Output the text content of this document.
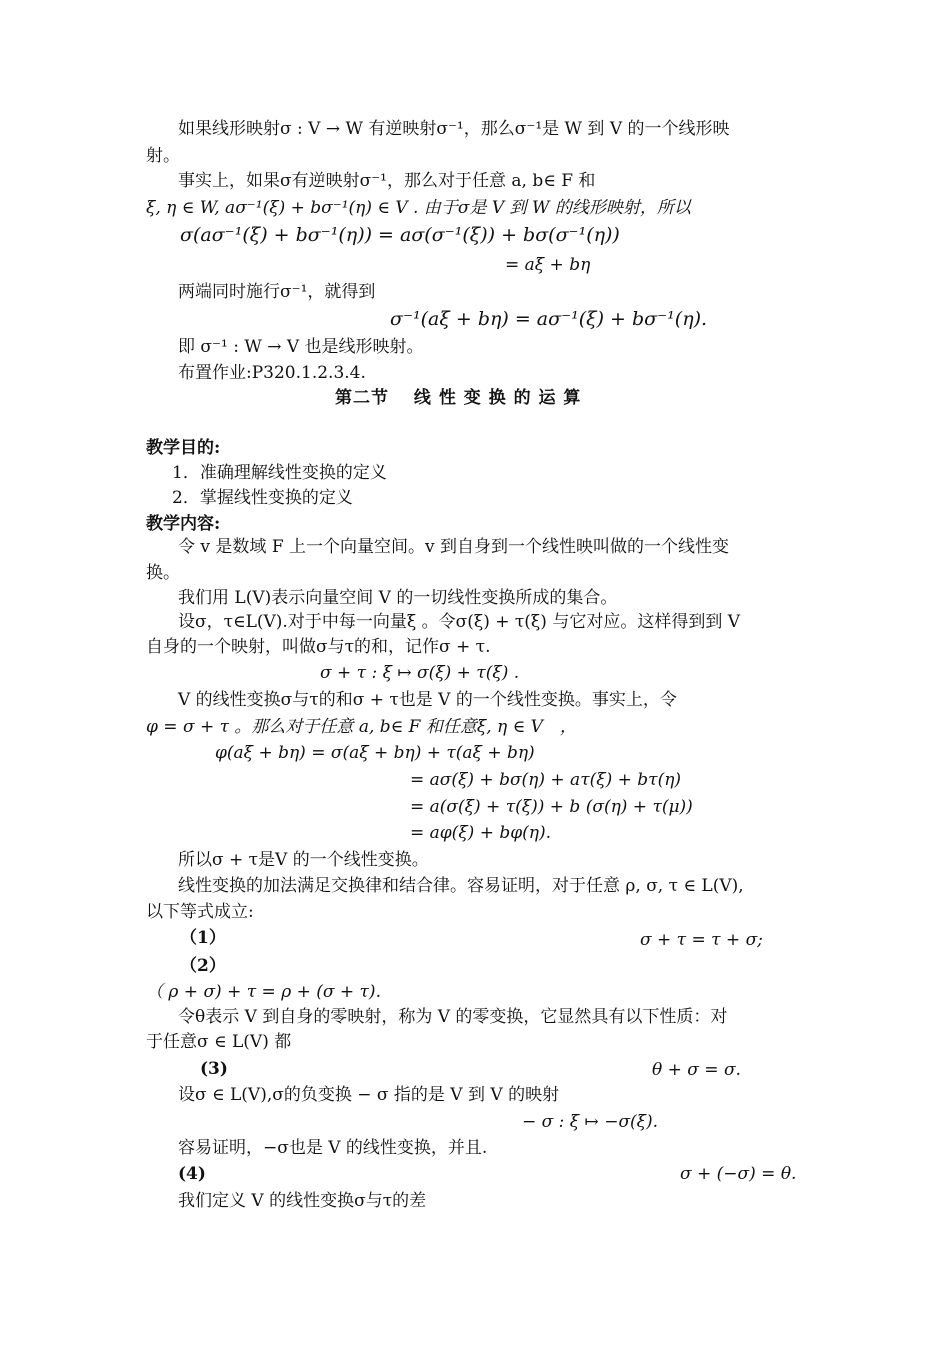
如果线形映射σ : V → W 有逆映射σ⁻¹，那么σ⁻¹是 W 到 V 的一个线形映
射。
事实上，如果σ有逆映射σ⁻¹，那么对于任意 a, b∈ F 和
ξ, η ∈ W, aσ⁻¹(ξ) + bσ⁻¹(η) ∈ V . 由于σ是 V 到 W 的线形映射，所以
σ(aσ⁻¹(ξ) + bσ⁻¹(η)) = aσ(σ⁻¹(ξ)) + bσ(σ⁻¹(η))
= aξ + bη
两端同时施行σ⁻¹，就得到
σ⁻¹(aξ + bη) = aσ⁻¹(ξ) + bσ⁻¹(η).
即 σ⁻¹ : W → V 也是线形映射。
布置作业:P320.1.2.3.4.
第二节　 线 性 变 换 的 运 算
教学目的:
1．准确理解线性变换的定义
2．掌握线性变换的定义
教学内容:
令 v 是数域 F 上一个向量空间。v 到自身到一个线性映叫做的一个线性变
换。
我们用 L(V)表示向量空间 V 的一切线性变换所成的集合。
设σ，τ∈L(V).对于中每一向量ξ 。令σ(ξ) + τ(ξ) 与它对应。这样得到到 V
自身的一个映射，叫做σ与τ的和，记作σ + τ.
σ + τ : ξ ↦ σ(ξ) + τ(ξ) .
V 的线性变换σ与τ的和σ + τ也是 V 的一个线性变换。事实上，令
φ = σ + τ 。那么对于任意 a, b∈ F 和任意ξ, η ∈ V　，
φ(aξ + bη) = σ(aξ + bη) + τ(aξ + bη)
= aσ(ξ) + bσ(η) + aτ(ξ) + bτ(η)
= a(σ(ξ) + τ(ξ)) + b (σ(η) + τ(μ))
= aφ(ξ) + bφ(η).
所以σ + τ是V 的一个线性变换。
线性变换的加法满足交换律和结合律。容易证明，对于任意 ρ, σ, τ ∈ L(V),
以下等式成立:
（1）	σ + τ = τ + σ;
（2）
（ ρ + σ) + τ = ρ + (σ + τ).
令θ表示 V 到自身的零映射，称为 V 的零变换，它显然具有以下性质：对
于任意σ ∈ L(V) 都
(3)	θ + σ = σ.
设σ ∈ L(V),σ的负变换 − σ 指的是 V 到 V 的映射
− σ : ξ ↦ −σ(ξ).
容易证明，−σ也是 V 的线性变换，并且.
(4)	σ + (−σ) = θ.
我们定义 V 的线性变换σ与τ的差
